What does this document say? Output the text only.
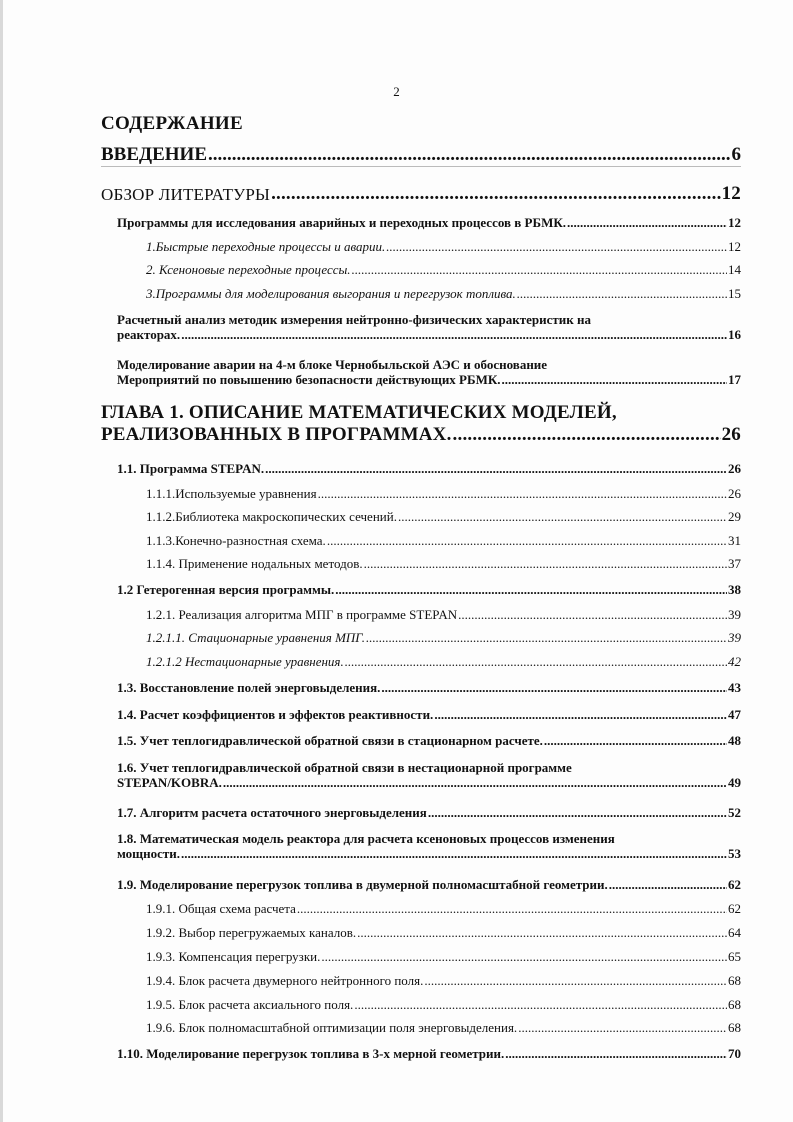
2
СОДЕРЖАНИЕ
ВВЕДЕНИЕ .....	6
ОБЗОР ЛИТЕРАТУРЫ .....	12
Программы для исследования аварийных и переходных процессов в РБМК. .....	12
1.Быстрые переходные процессы и аварии. .....	12
2. Ксеноновые переходные процессы. .....	14
3.Программы для моделирования выгорания и перегрузок топлива. .....	15
Расчетный анализ методик измерения нейтронно-физических характеристик на
реакторах. .....	16
Моделирование аварии на 4-м блоке Чернобыльской АЭС и обоснование
Мероприятий по повышению безопасности действующих РБМК. .....	17
ГЛАВА 1. ОПИСАНИЕ МАТЕМАТИЧЕСКИХ МОДЕЛЕЙ,
РЕАЛИЗОВАННЫХ В ПРОГРАММАХ. .....	26
1.1. Программа STEPAN. .....	26
1.1.1.Используемые уравнения .....	26
1.1.2.Библиотека макроскопических сечений. .....	29
1.1.3.Конечно-разностная схема. .....	31
1.1.4. Применение нодальных методов. .....	37
1.2 Гетерогенная версия программы. .....	38
1.2.1. Реализация алгоритма МПГ в программе STEPAN .....	39
1.2.1.1. Стационарные уравнения МПГ. .....	39
1.2.1.2 Нестационарные уравнения. .....	42
1.3. Восстановление полей энерговыделения. .....	43
1.4. Расчет коэффициентов и эффектов реактивности. .....	47
1.5. Учет теплогидравлической обратной связи в стационарном расчете. .....	48
1.6. Учет теплогидравлической обратной связи в нестационарной программе
STEPAN/KOBRA. .....	49
1.7. Алгоритм расчета остаточного энерговыделения .....	52
1.8. Математическая модель реактора для расчета ксеноновых процессов изменения
мощности. .....	53
1.9. Моделирование перегрузок топлива в двумерной полномасштабной геометрии. .....	62
1.9.1. Общая схема расчета .....	62
1.9.2. Выбор перегружаемых каналов. .....	64
1.9.3. Компенсация перегрузки. .....	65
1.9.4. Блок расчета двумерного нейтронного поля. .....	68
1.9.5. Блок расчета аксиального поля. .....	68
1.9.6. Блок полномасштабной оптимизации поля энерговыделения. .....	68
1.10. Моделирование перегрузок топлива в 3-х мерной геометрии. .....	70
